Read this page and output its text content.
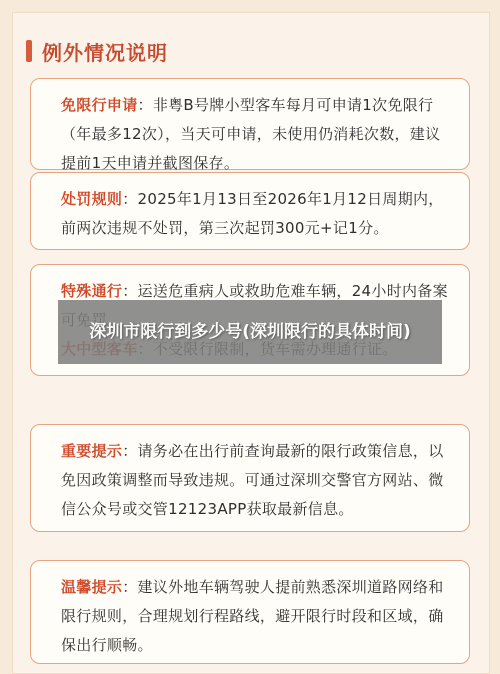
例外情况说明

免限行申请：非粤B号牌小型客车每月可申请1次免限行（年最多12次），当天可申请，未使用仍消耗次数，建议提前1天申请并截图保存。

处罚规则：2025年1月13日至2026年1月12日周期内，前两次违规不处罚，第三次起罚300元+记1分。

特殊通行：运送危重病人或救助危难车辆，24小时内备案

重要提示：请务必在出行前查询最新的限行政策信息，以免因政策调整而导致违规。可通过深圳交警官方网站、微信公众号或交管12123APP获取最新信息。

温馨提示：建议外地车辆驾驶人提前熟悉深圳道路网络和限行规则，合理规划行程路线，避开限行时段和区域，确保出行顺畅。

深圳市限行到多少号(深圳限行的具体时间)
